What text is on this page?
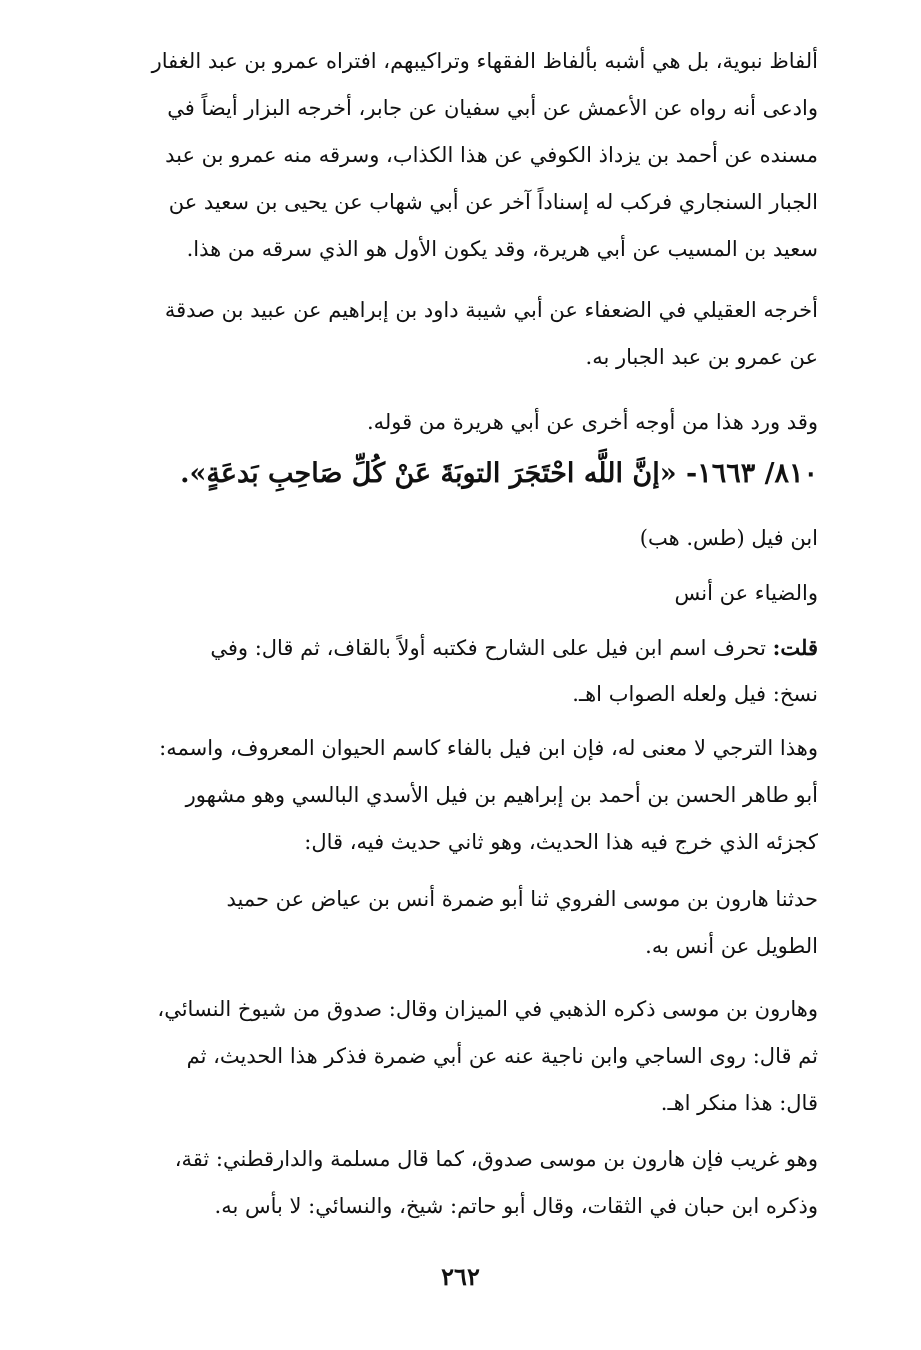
ألفاظ نبوية، بل هي أشبه بألفاظ الفقهاء وتراكيبهم، افتراه عمرو بن عبد الغفار
وادعى أنه رواه عن الأعمش عن أبي سفيان عن جابر، أخرجه البزار أيضاً في
مسنده عن أحمد بن يزداذ الكوفي عن هذا الكذاب، وسرقه منه عمرو بن عبد
الجبار السنجاري فركب له إسناداً آخر عن أبي شهاب عن يحيى بن سعيد عن
سعيد بن المسيب عن أبي هريرة، وقد يكون الأول هو الذي سرقه من هذا.
أخرجه العقيلي في الضعفاء عن أبي شيبة داود بن إبراهيم عن عبيد بن صدقة
عن عمرو بن عبد الجبار به.
وقد ورد هذا من أوجه أخرى عن أبي هريرة من قوله.
٨١٠/ ١٦٦٣- «إنَّ اللَّه احْتَجَرَ التوبَةَ عَنْ كُلِّ صَاحِبِ بَدعَةٍ».
ابن فيل (طس. هب)
والضياء عن أنس
قلت: تحرف اسم ابن فيل على الشارح فكتبه أولاً بالقاف، ثم قال: وفي
نسخ: فيل ولعله الصواب اهـ.
وهذا الترجي لا معنى له، فإن ابن فيل بالفاء كاسم الحيوان المعروف، واسمه:
أبو طاهر الحسن بن أحمد بن إبراهيم بن فيل الأسدي البالسي وهو مشهور
كجزئه الذي خرج فيه هذا الحديث، وهو ثاني حديث فيه، قال:
حدثنا هارون بن موسى الفروي ثنا أبو ضمرة أنس بن عياض عن حميد
الطويل عن أنس به.
وهارون بن موسى ذكره الذهبي في الميزان وقال: صدوق من شيوخ النسائي،
ثم قال: روى الساجي وابن ناجية عنه عن أبي ضمرة فذكر هذا الحديث، ثم
قال: هذا منكر اهـ.
وهو غريب فإن هارون بن موسى صدوق، كما قال مسلمة والدارقطني: ثقة،
وذكره ابن حبان في الثقات، وقال أبو حاتم: شيخ، والنسائي: لا بأس به.
٢٦٢
